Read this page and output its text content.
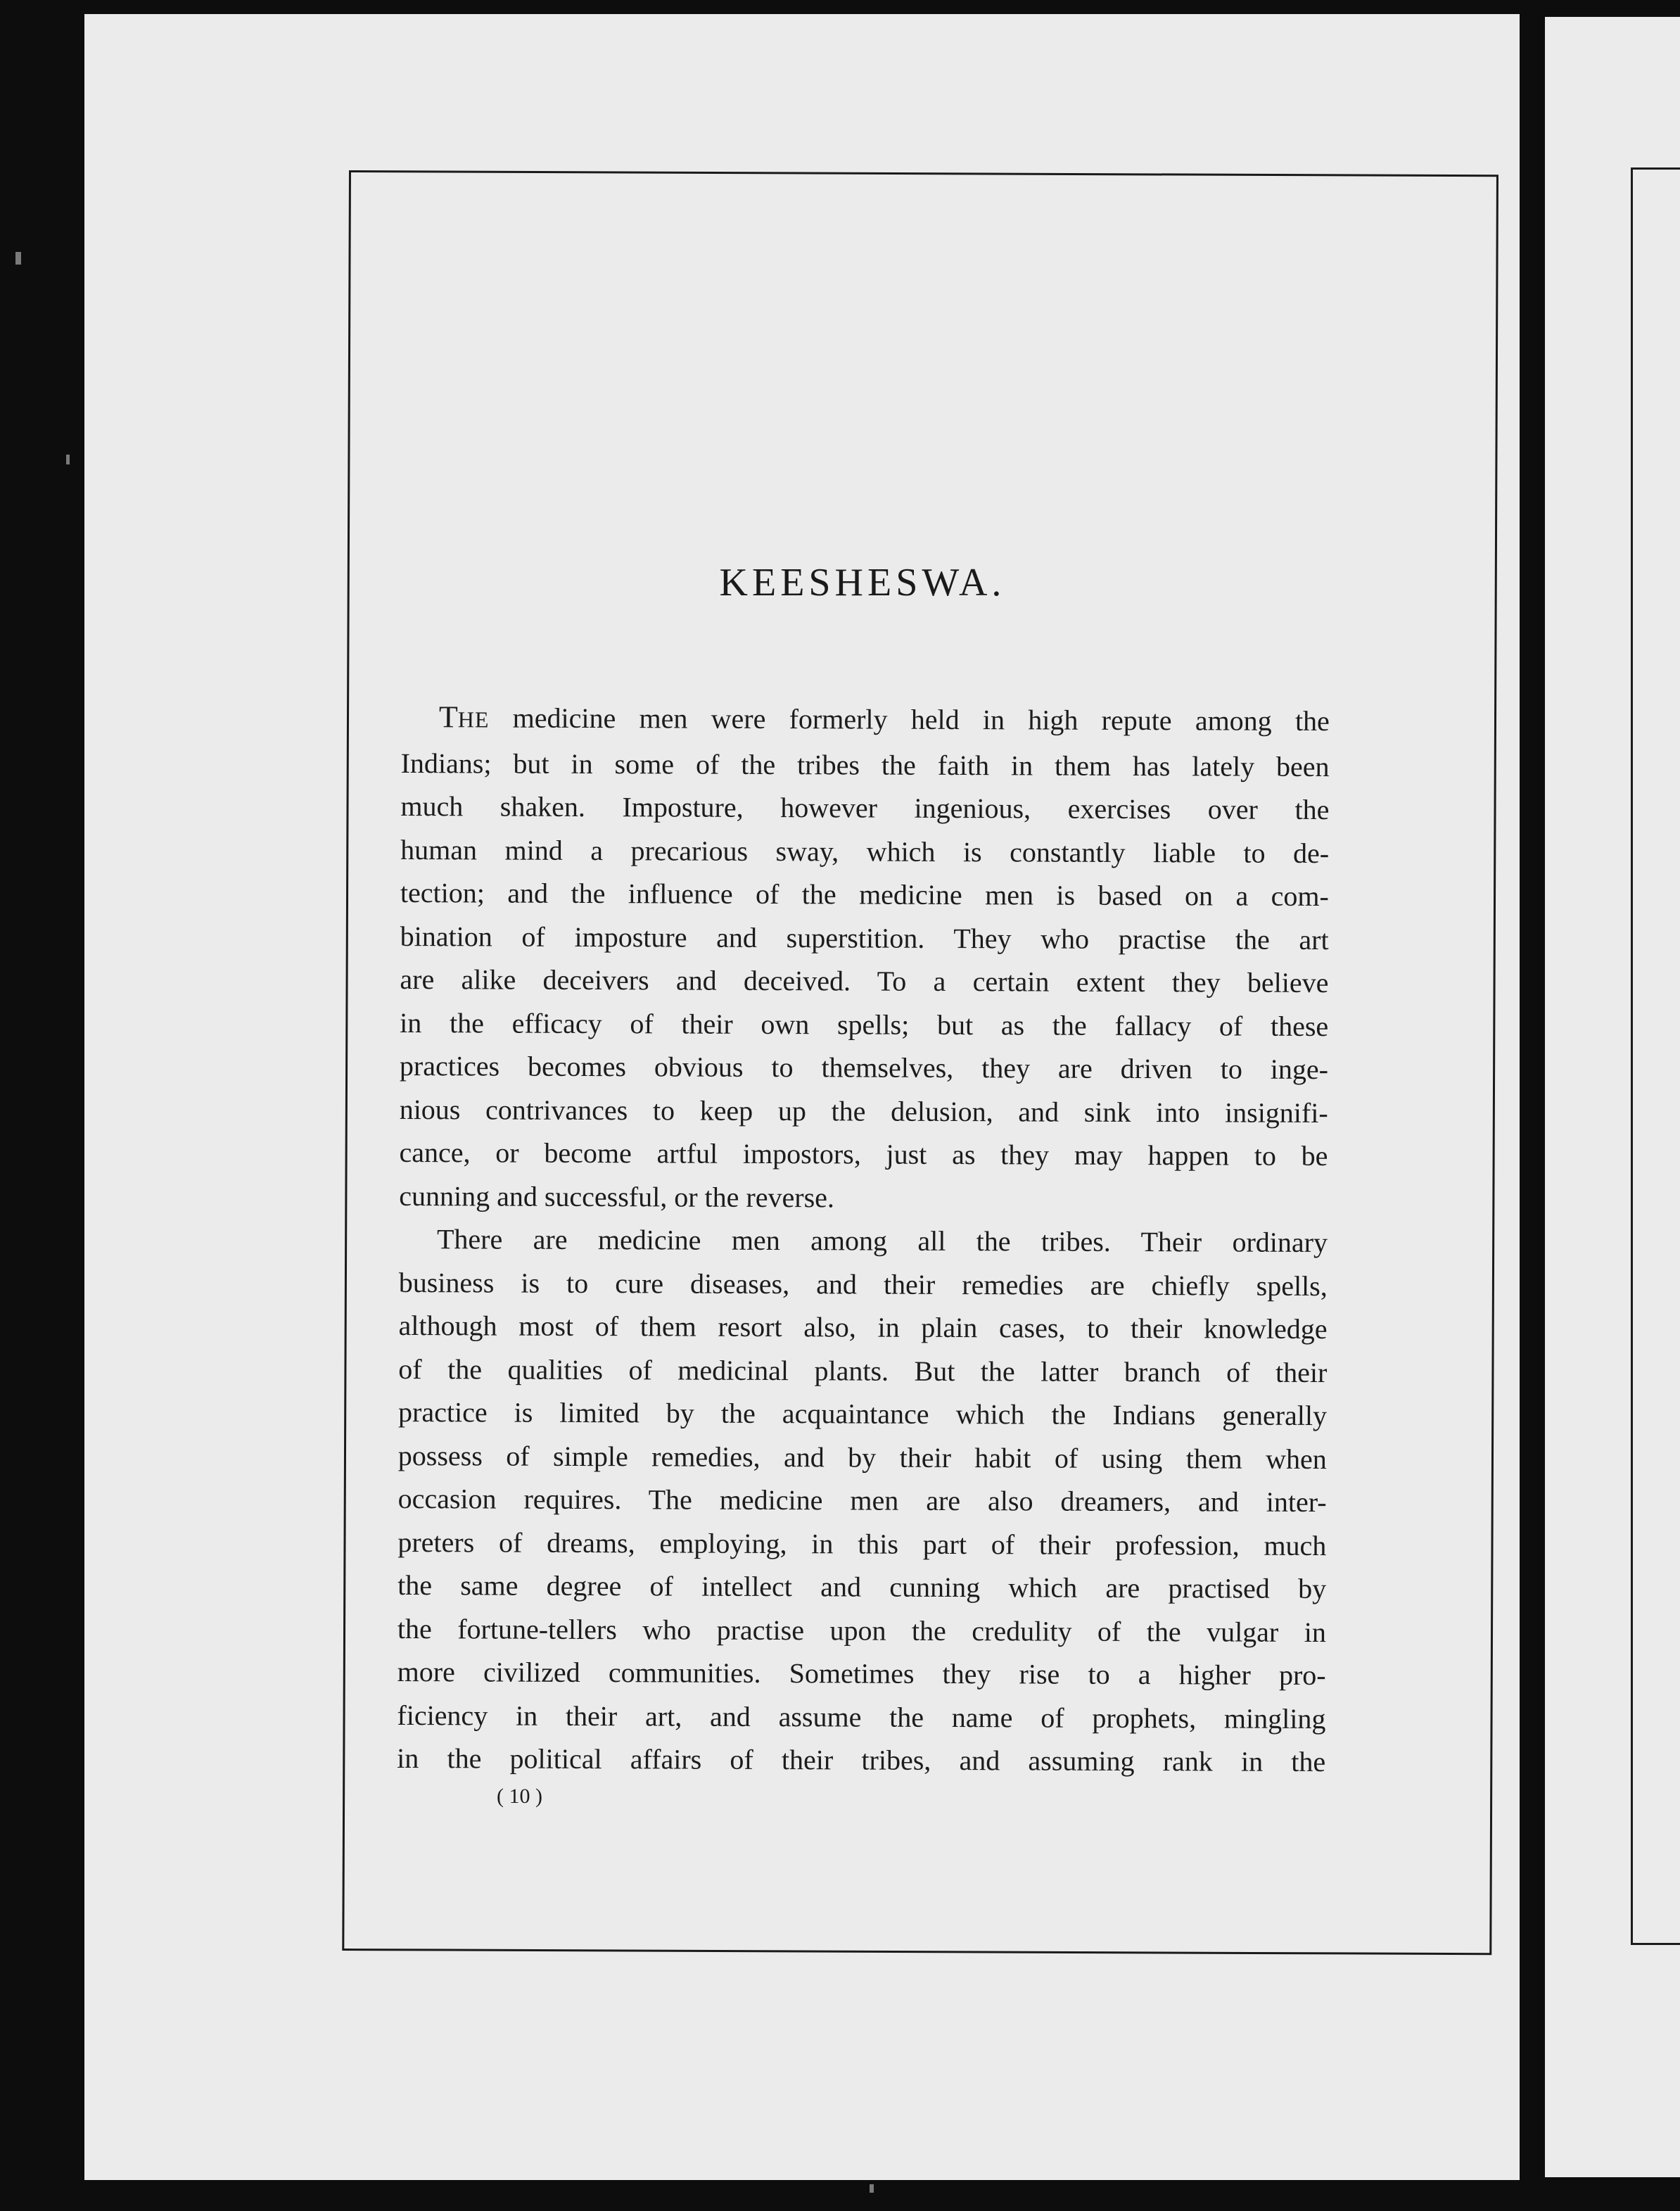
KEESHESWA.
THE medicine men were formerly held in high repute among the
Indians; but in some of the tribes the faith in them has lately been
much shaken. Imposture, however ingenious, exercises over the
human mind a precarious sway, which is constantly liable to de-
tection; and the influence of the medicine men is based on a com-
bination of imposture and superstition. They who practise the art
are alike deceivers and deceived. To a certain extent they believe
in the efficacy of their own spells; but as the fallacy of these
practices becomes obvious to themselves, they are driven to inge-
nious contrivances to keep up the delusion, and sink into insignifi-
cance, or become artful impostors, just as they may happen to be
cunning and successful, or the reverse.
There are medicine men among all the tribes. Their ordinary
business is to cure diseases, and their remedies are chiefly spells,
although most of them resort also, in plain cases, to their knowledge
of the qualities of medicinal plants. But the latter branch of their
practice is limited by the acquaintance which the Indians generally
possess of simple remedies, and by their habit of using them when
occasion requires. The medicine men are also dreamers, and inter-
preters of dreams, employing, in this part of their profession, much
the same degree of intellect and cunning which are practised by
the fortune-tellers who practise upon the credulity of the vulgar in
more civilized communities. Sometimes they rise to a higher pro-
ficiency in their art, and assume the name of prophets, mingling
in the political affairs of their tribes, and assuming rank in the
( 10 )
